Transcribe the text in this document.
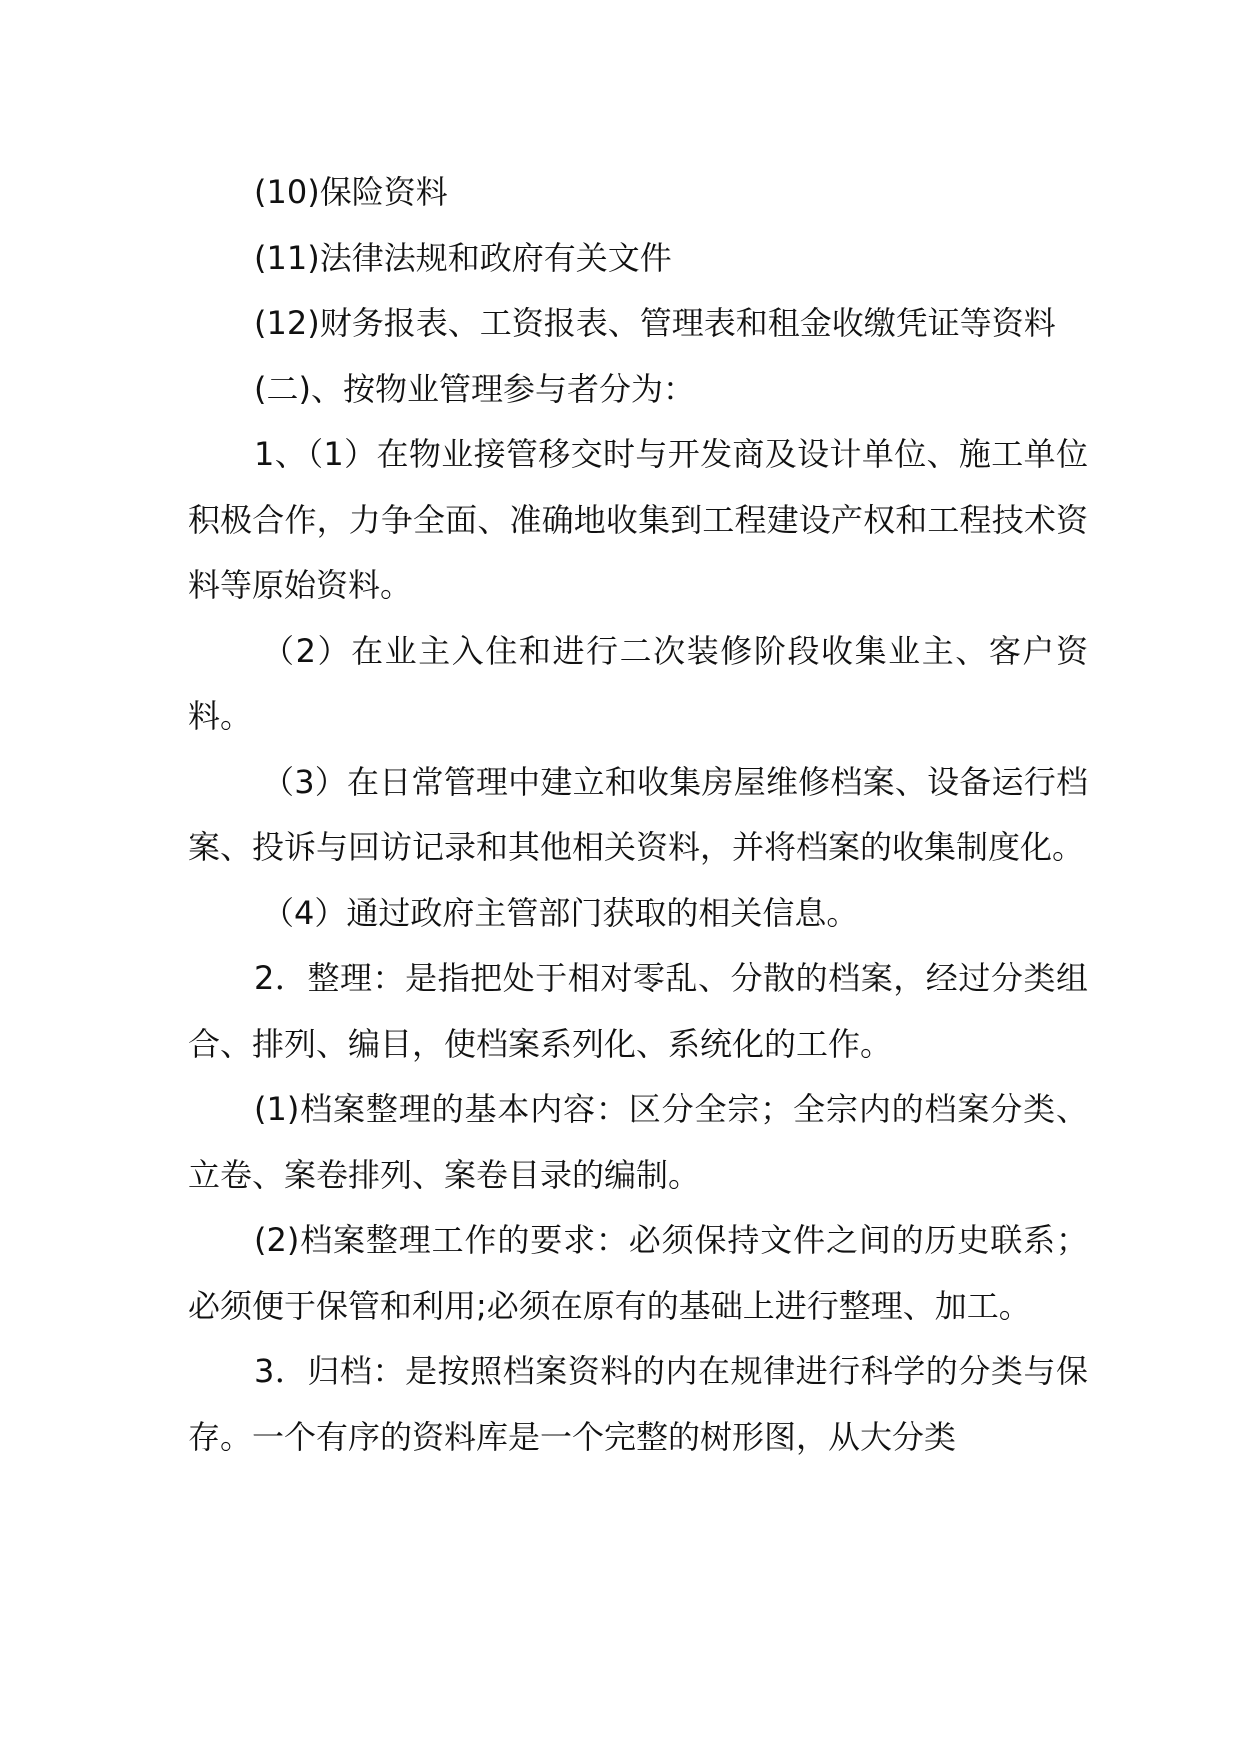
(10)保险资料

(11)法律法规和政府有关文件

(12)财务报表、工资报表、管理表和租金收缴凭证等资料

(二)、按物业管理参与者分为：

1、（1）在物业接管移交时与开发商及设计单位、施工单位积极合作，力争全面、准确地收集到工程建设产权和工程技术资料等原始资料。

（2）在业主入住和进行二次装修阶段收集业主、客户资料。

（3）在日常管理中建立和收集房屋维修档案、设备运行档案、投诉与回访记录和其他相关资料，并将档案的收集制度化。

（4）通过政府主管部门获取的相关信息。

2．整理：是指把处于相对零乱、分散的档案，经过分类组合、排列、编目，使档案系列化、系统化的工作。

(1)档案整理的基本内容：区分全宗；全宗内的档案分类、立卷、案卷排列、案卷目录的编制。

(2)档案整理工作的要求：必须保持文件之间的历史联系；必须便于保管和利用;必须在原有的基础上进行整理、加工。

3．归档：是按照档案资料的内在规律进行科学的分类与保存。一个有序的资料库是一个完整的树形图，从大分类
